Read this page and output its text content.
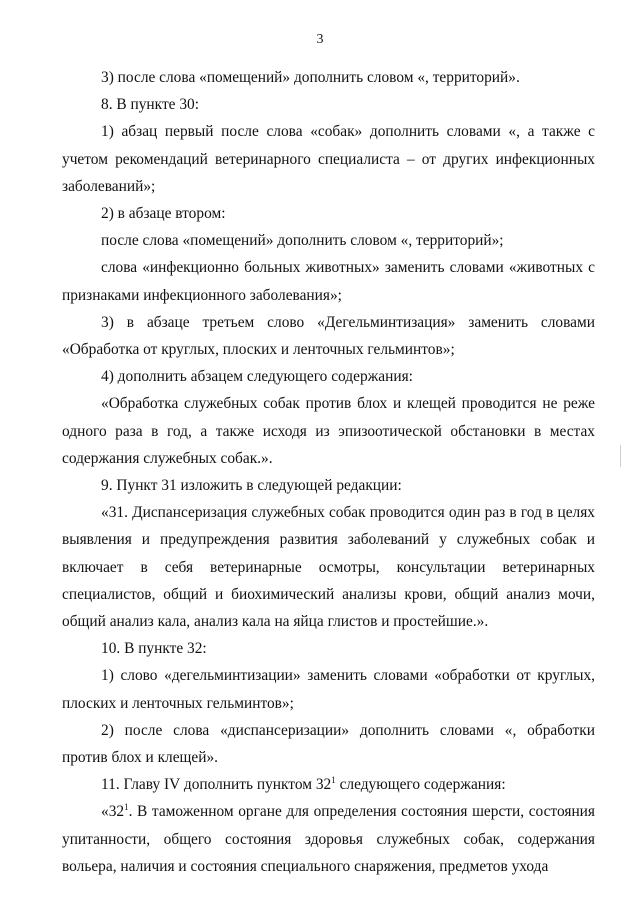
3

3) после слова «помещений» дополнить словом «, территорий».

8. В пункте 30:

1) абзац первый после слова «собак» дополнить словами «, а также с учетом рекомендаций ветеринарного специалиста – от других инфекционных заболеваний»;

2) в абзаце втором:

после слова «помещений» дополнить словом «, территорий»;

слова «инфекционно больных животных» заменить словами «животных с признаками инфекционного заболевания»;

3) в абзаце третьем слово «Дегельминтизация» заменить словами «Обработка от круглых, плоских и ленточных гельминтов»;

4) дополнить абзацем следующего содержания:

«Обработка служебных собак против блох и клещей проводится не реже одного раза в год, а также исходя из эпизоотической обстановки в местах содержания служебных собак.».

9. Пункт 31 изложить в следующей редакции:

«31. Диспансеризация служебных собак проводится один раз в год в целях выявления и предупреждения развития заболеваний у служебных собак и включает в себя ветеринарные осмотры, консультации ветеринарных специалистов, общий и биохимический анализы крови, общий анализ мочи, общий анализ кала, анализ кала на яйца глистов и простейшие.».

10. В пункте 32:

1) слово «дегельминтизации» заменить словами «обработки от круглых, плоских и ленточных гельминтов»;

2) после слова «диспансеризации» дополнить словами «, обработки против блох и клещей».

11. Главу IV дополнить пунктом $32^1$ следующего содержания:

«$32^1$. В таможенном органе для определения состояния шерсти, состояния упитанности, общего состояния здоровья служебных собак, содержания вольера, наличия и состояния специального снаряжения, предметов ухода
